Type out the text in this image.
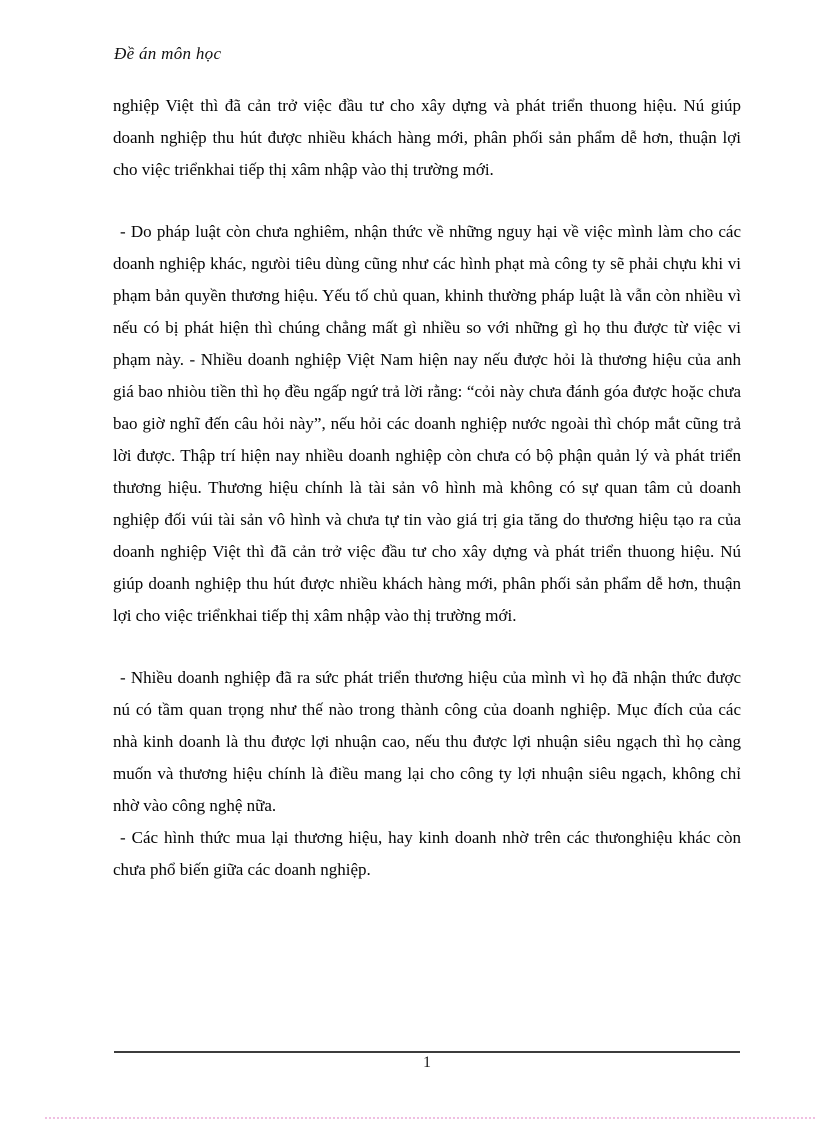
Đề án môn học

nghiệp Việt thì đã cản trở việc đầu tư cho xây dựng và phát triển thuong hiệu. Nú giúp doanh nghiệp thu hút được nhiều khách hàng mới, phân phối sản phẩm dễ hơn, thuận lợi cho việc triểnkhai tiếp thị xâm nhập vào thị trường mới.

- Do pháp luật còn chưa nghiêm, nhận thức về những nguy hại về việc mình làm cho các doanh nghiệp khác, ngưòi tiêu dùng cũng như các hình phạt mà công ty sẽ phải chựu khi vi phạm bản quyền thương hiệu. Yếu tố chủ quan, khinh thường pháp luật là vẫn còn nhiều vì nếu có bị phát hiện thì chúng chẳng mất gì nhiều so với những gì họ thu được từ việc vi phạm này. - Nhiều doanh nghiệp Việt Nam hiện nay nếu được hỏi là thương hiệu của anh giá bao nhiòu tiền thì họ đều ngấp ngứ trả lời rằng: “cỏi này chưa đánh góa được hoặc chưa bao giờ nghĩ đến câu hỏi này”, nếu hỏi các doanh nghiệp nước ngoài thì chóp mắt cũng trả lời được. Thập trí hiện nay nhiều doanh nghiệp còn chưa có bộ phận quản lý và phát triển thương hiệu. Thương hiệu chính là tài sản vô hình mà không có sự quan tâm củ doanh nghiệp đối vúi tài sản vô hình và chưa tự tin vào giá trị gia tăng do thương hiệu tạo ra của doanh nghiệp Việt thì đã cản trở việc đầu tư cho xây dựng và phát triển thuong hiệu. Nú giúp doanh nghiệp thu hút được nhiều khách hàng mới, phân phối sản phẩm dễ hơn, thuận lợi cho việc triểnkhai tiếp thị xâm nhập vào thị trường mới.

- Nhiều doanh nghiệp đã ra sức phát triển thương hiệu của mình vì họ đã nhận thức được nú có tầm quan trọng như thế nào trong thành công của doanh nghiệp. Mục đích của các nhà kinh doanh là thu được lợi nhuận cao, nếu thu được lợi nhuận siêu ngạch thì họ càng muốn và thương hiệu chính là điều mang lại cho công ty lợi nhuận siêu ngạch, không chỉ nhờ vào công nghệ nữa.

- Các hình thức mua lại thương hiệu, hay kinh doanh nhờ trên các thưonghiệu khác còn chưa phổ biến giữa các doanh nghiệp.

1
